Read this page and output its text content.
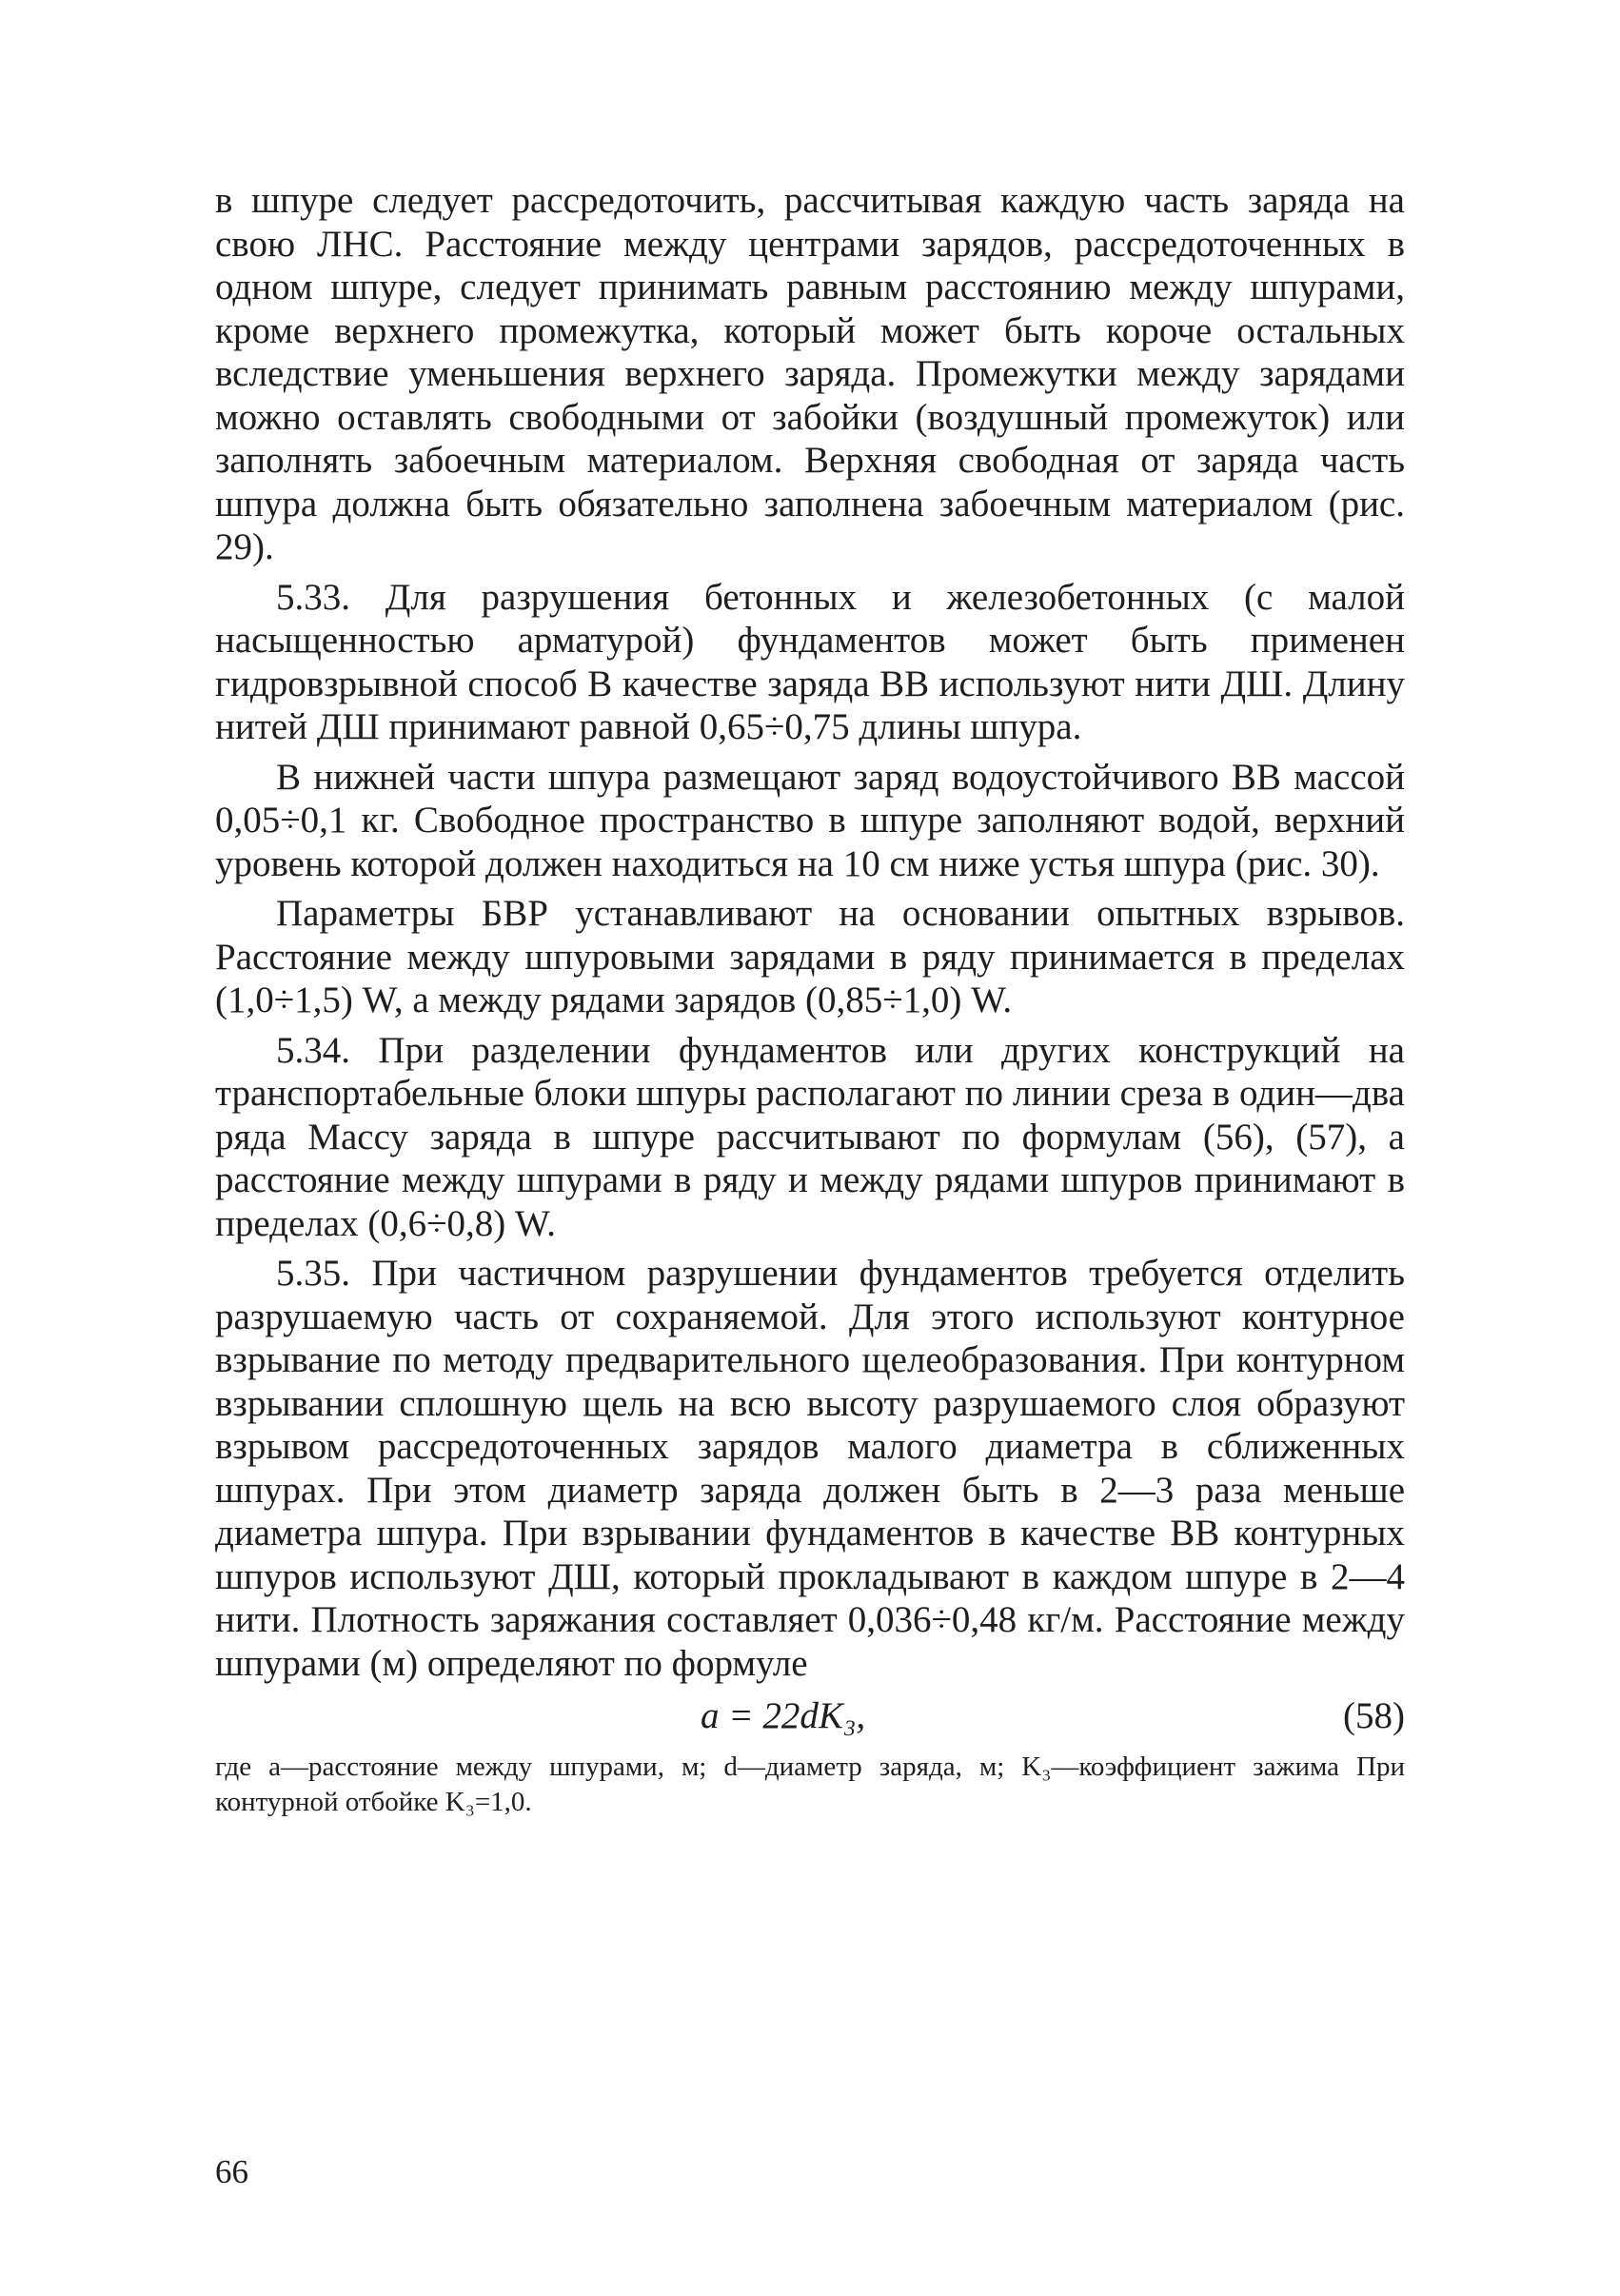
в шпуре следует рассредоточить, рассчитывая каждую часть заряда на свою ЛНС. Расстояние между центрами зарядов, рассредоточенных в одном шпуре, следует принимать равным расстоянию между шпурами, кроме верхнего промежутка, который может быть короче остальных вследствие уменьшения верхнего заряда. Промежутки между зарядами можно оставлять свободными от забойки (воздушный промежуток) или заполнять забоечным материалом. Верхняя свободная от заряда часть шпура должна быть обязательно заполнена забоечным материалом (рис. 29).

5.33. Для разрушения бетонных и железобетонных (с малой насыщенностью арматурой) фундаментов может быть применен гидровзрывной способ В качестве заряда ВВ используют нити ДШ. Длину нитей ДШ принимают равной 0,65÷0,75 длины шпура.

В нижней части шпура размещают заряд водоустойчивого ВВ массой 0,05÷0,1 кг. Свободное пространство в шпуре заполняют водой, верхний уровень которой должен находиться на 10 см ниже устья шпура (рис. 30).

Параметры БВР устанавливают на основании опытных взрывов. Расстояние между шпуровыми зарядами в ряду принимается в пределах (1,0÷1,5) W, а между рядами зарядов (0,85÷1,0) W.

5.34. При разделении фундаментов или других конструкций на транспортабельные блоки шпуры располагают по линии среза в один—два ряда Массу заряда в шпуре рассчитывают по формулам (56), (57), а расстояние между шпурами в ряду и между рядами шпуров принимают в пределах (0,6÷0,8) W.

5.35. При частичном разрушении фундаментов требуется отделить разрушаемую часть от сохраняемой. Для этого используют контурное взрывание по методу предварительного щелеобразования. При контурном взрывании сплошную щель на всю высоту разрушаемого слоя образуют взрывом рассредоточенных зарядов малого диаметра в сближенных шпурах. При этом диаметр заряда должен быть в 2—3 раза меньше диаметра шпура. При взрывании фундаментов в качестве ВВ контурных шпуров используют ДШ, который прокладывают в каждом шпуре в 2—4 нити. Плотность заряжания составляет 0,036÷0,48 кг/м. Расстояние между шпурами (м) определяют по формуле

a = 22dK₃,	(58)

где a—расстояние между шпурами, м; d—диаметр заряда, м; K₃—коэффициент зажима При контурной отбойке K₃=1,0.

66
